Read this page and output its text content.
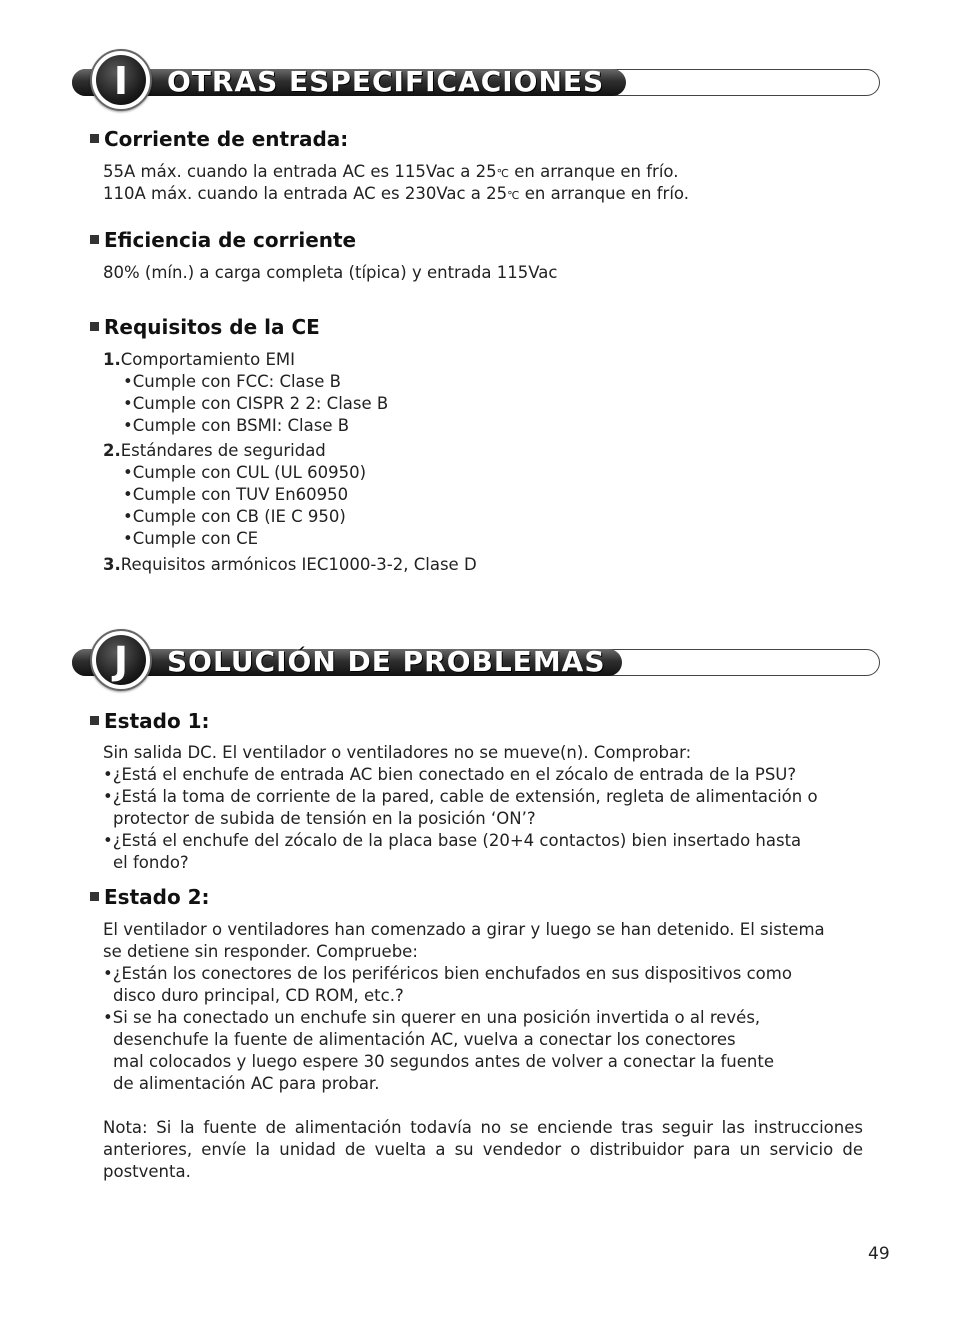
I	OTRAS ESPECIFICACIONES
Corriente de entrada:
55A máx. cuando la entrada AC es 115Vac a 25℃ en arranque en frío.
110A máx. cuando la entrada AC es 230Vac a 25℃ en arranque en frío.
Eficiencia de corriente
80% (mín.) a carga completa (típica) y entrada 115Vac
Requisitos de la CE
1.Comportamiento EMI
•Cumple con FCC: Clase B
•Cumple con CISPR 2 2: Clase B
•Cumple con BSMI: Clase B
2.Estándares de seguridad
•Cumple con CUL (UL 60950)
•Cumple con TUV En60950
•Cumple con CB (IE C 950)
•Cumple con CE
3.Requisitos armónicos IEC1000-3-2, Clase D
J	SOLUCIÓN DE PROBLEMAS
Estado 1:
Sin salida DC. El ventilador o ventiladores no se mueve(n). Comprobar:
•¿Está el enchufe de entrada AC bien conectado en el zócalo de entrada de la PSU?
•¿Está la toma de corriente de la pared, cable de extensión, regleta de alimentación o
protector de subida de tensión en la posición ‘ON’?
•¿Está el enchufe del zócalo de la placa base (20+4 contactos) bien insertado hasta
el fondo?
Estado 2:
El ventilador o ventiladores han comenzado a girar y luego se han detenido. El sistema
se detiene sin responder. Compruebe:
•¿Están los conectores de los periféricos bien enchufados en sus dispositivos como
disco duro principal, CD ROM, etc.?
•Si se ha conectado un enchufe sin querer en una posición invertida o al revés,
desenchufe la fuente de alimentación AC, vuelva a conectar los conectores
mal colocados y luego espere 30 segundos antes de volver a conectar la fuente
de alimentación AC para probar.
Nota: Si la fuente de alimentación todavía no se enciende tras seguir las instrucciones anteriores, envíe la unidad de vuelta a su vendedor o distribuidor para un servicio de postventa.
49
